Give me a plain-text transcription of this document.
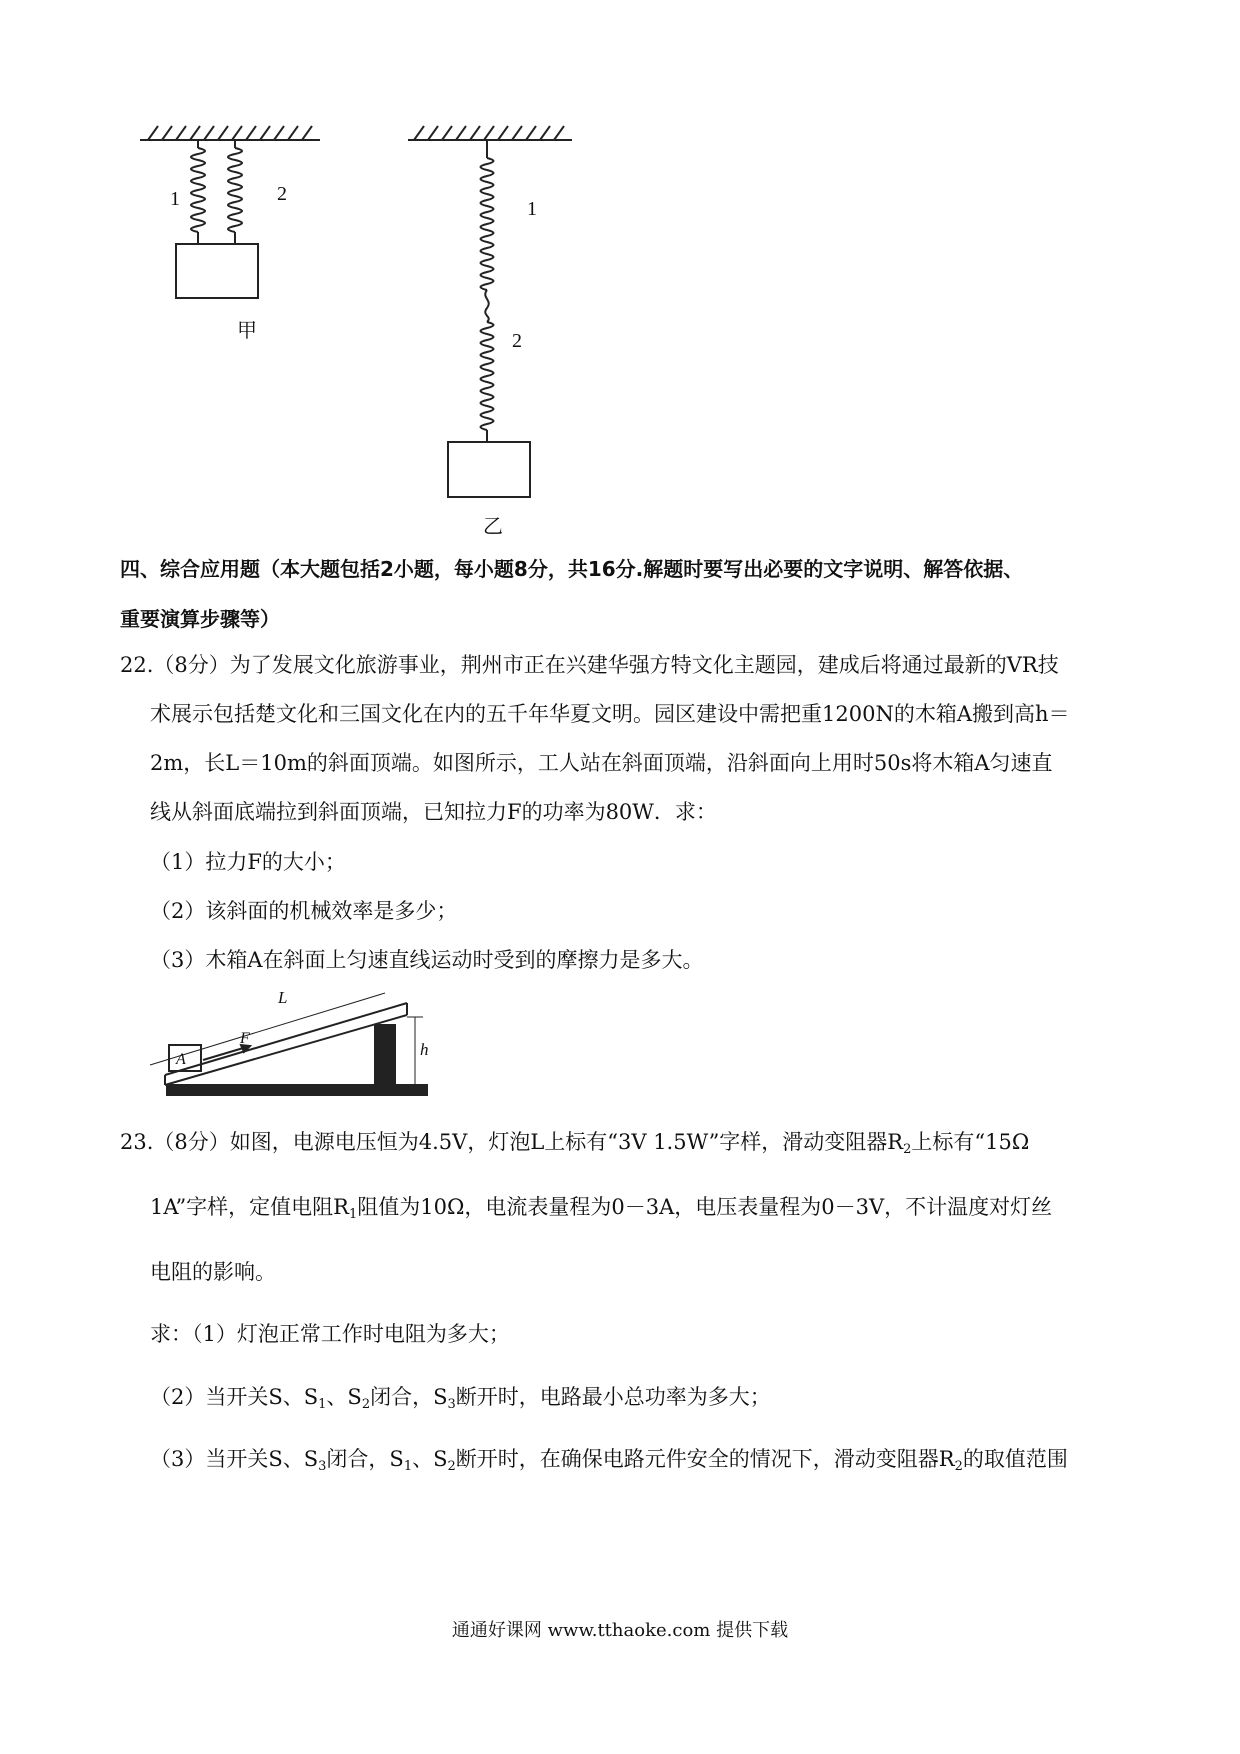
1	2
甲
1
2
乙
四、综合应用题（本大题包括2小题，每小题8分，共16分.解题时要写出必要的文字说明、解答依据、
重要演算步骤等）
22.（8分）为了发展文化旅游事业，荆州市正在兴建华强方特文化主题园，建成后将通过最新的VR技
术展示包括楚文化和三国文化在内的五千年华夏文明。园区建设中需把重1200N的木箱A搬到高h＝
2m，长L＝10m的斜面顶端。如图所示，工人站在斜面顶端，沿斜面向上用时50s将木箱A匀速直
线从斜面底端拉到斜面顶端，已知拉力F的功率为80W．求：
（1）拉力F的大小；
（2）该斜面的机械效率是多少；
（3）木箱A在斜面上匀速直线运动时受到的摩擦力是多大。
L
h
F
A
23.（8分）如图，电源电压恒为4.5V，灯泡L上标有“3V 1.5W”字样，滑动变阻器$R_2$上标有“15Ω
1A”字样，定值电阻$R_1$阻值为10Ω，电流表量程为0－3A，电压表量程为0－3V，不计温度对灯丝
电阻的影响。
求：（1）灯泡正常工作时电阻为多大；
（2）当开关S、$S_1$、$S_2$闭合，$S_3$断开时，电路最小总功率为多大；
（3）当开关S、$S_3$闭合，$S_1$、$S_2$断开时，在确保电路元件安全的情况下，滑动变阻器$R_2$的取值范围
通通好课网 www.tthaoke.com 提供下载
